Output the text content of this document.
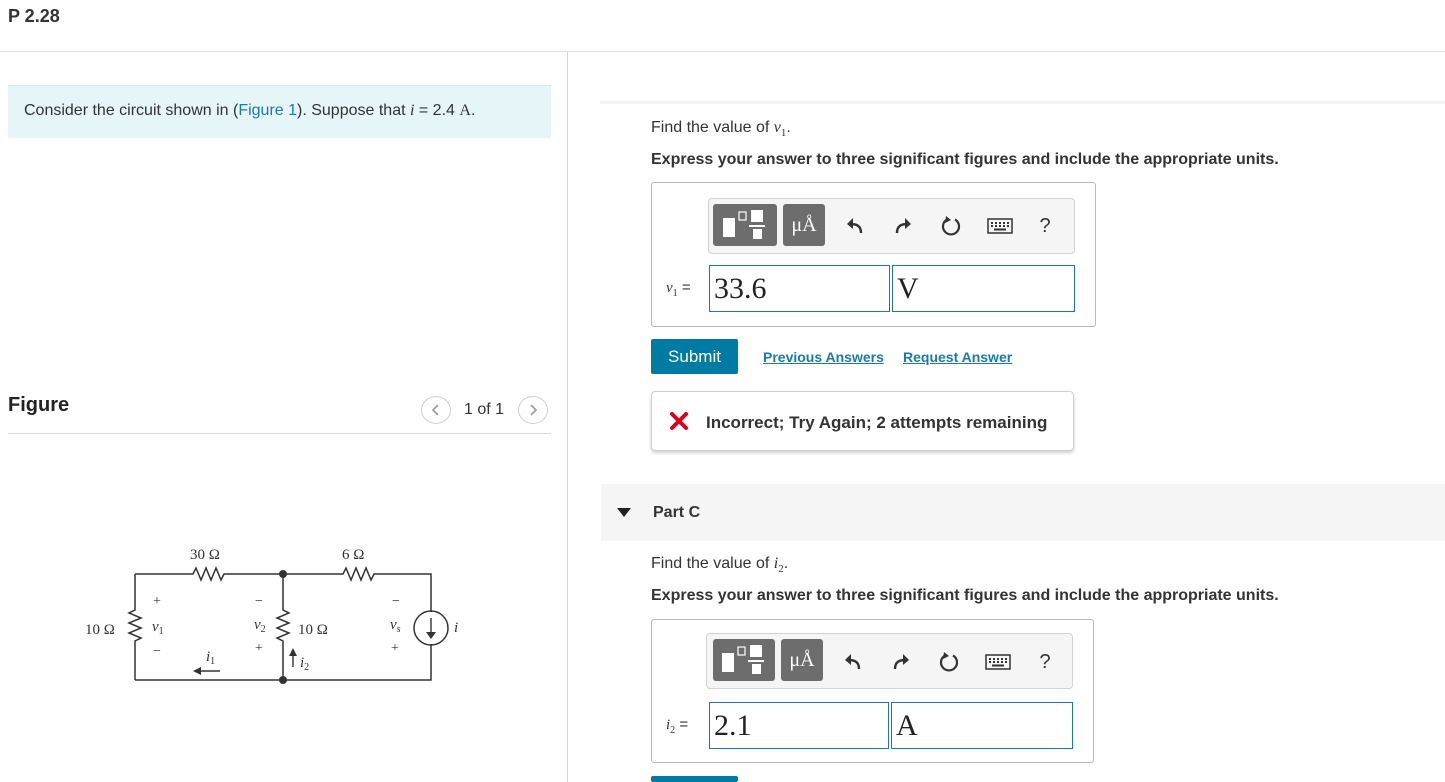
P 2.28
Consider the circuit shown in (Figure 1). Suppose that i = 2.4 A.
Figure	1 of 1
30 Ω	6 Ω
10 Ω	10 Ω
+
−
−
+
−
+
$v_1$	$v_2$	$v_s$
$i_1$	$i_2$
i
Find the value of $v_1$.
Express your answer to three significant figures and include the appropriate units.
μÅ	?
$v_1 = 33.6$	V
Submit	Previous Answers Request Answer
Incorrect; Try Again; 2 attempts remaining
Part C
Find the value of $i_2$.
Express your answer to three significant figures and include the appropriate units.
μÅ	?
$i_2 = 2.1$	A
